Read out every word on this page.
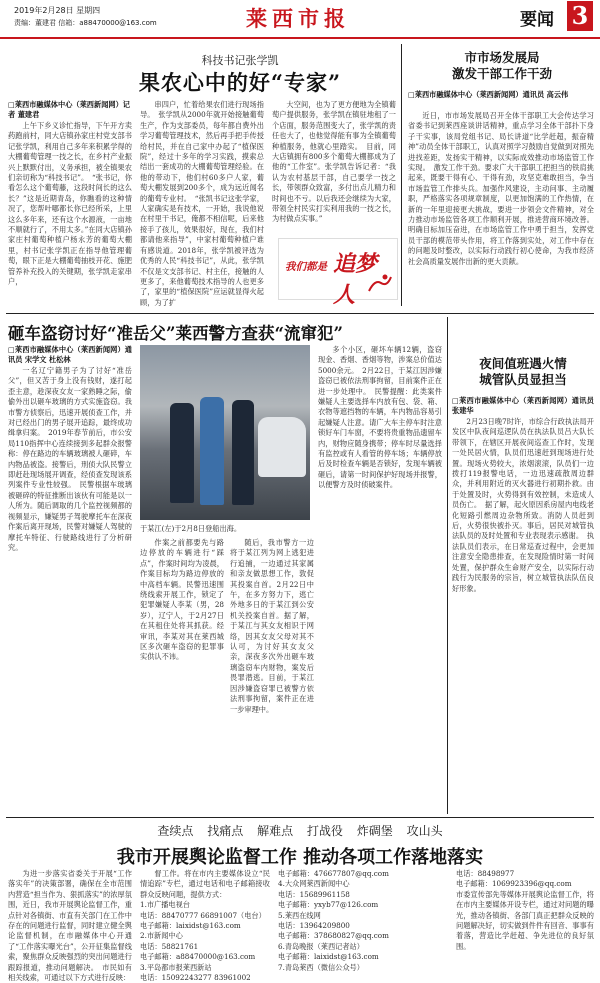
2019年2月28日 星期四
责编：董建君 信箱：a88470000@163.com	莱西市报	要闻 3
科技书记张学凯
果农心中的好“专家”
□莱西市融媒体中心（莱西新闻网）记者 董建君

上午下乡义诊忙指导，下午开方卖药跑前村，同大店镇孙家庄村党支部书记张学凯，利用自己多年来积累学得的大棚葡萄管理一技之长，在乡村产业振兴上默默付出，义务承担，被全镇果农们亲切称为“科技书记”。　“张书记，你看怎么这个葡萄藤，这段时间长的这么长？”这是近期青岛，你瞧看的这种情况了，您帮叶哪都长你已经所采，上里这么多年来，还有这个水源液，一亩地不顺就行了，不用太多。”在同大店镇孙家庄村葡萄种植户杨永芳的葡萄大棚里，村书记张学凯正在指导他管理葡萄，眼下正是大棚葡萄抽枝开花、施肥管养补充投入的关键期，张学凯走家串户，

串四户，忙着给果农们进行现场指导。　张学凯从2000年就开始接触葡萄生产，作为支部委员，每年都自费外出学习葡萄管理技术，然后再手把手传授给村民，并在自己家中办起了“植保医院”，经过十多年的学习实践，摸索总结出一套成功的大棚葡萄管理经验。在他的带动下，他们村60多户人家，葡萄大棚发展到200多个，成为远近闻名的葡萄专业村。　“张凯书记这张学家，人家确实是有技术，一开始，我说他说在村里干书记，俺都不相信呢，后来他接手了孩儿，效果很好，现在，我们村都请他来指导”，中家村葡萄种植户谁有感说道。2018年，张学凯被评选为优秀的人民“科技书记”，从此，张学凯不仅是文支部书记、村主任，接触的人更多了，来他葡萄技术指导的人也更多了，家里的“植保医院”应运就显得火起顾，为了扩

大空间，也为了更方便地为全镇葡萄户提供服务，张学凯在镇驻地租了一个店面，服务范围变大了，张学凯的责任也大了，也他觉得能有事为全镇葡萄种植服务，他就心里踏实。　目前，同大店镇拥有800多个葡萄大棚都成为了他的“工作室”。张学凯告诉记者：“我认为农村基层干部，自己要学一技之长，带领群众致富，多付出点儿精力和时间也不亏。以后我还会继续为大家，带领全村民实打实利用我的一技之长，为村做点实事。”

我们都是 追梦人
市市场发展局
激发干部工作干劲
□莱西市融媒体中心（莱西新闻网）通讯员 高云伟

近日，市市场发展局召开全体干部职工大会传达学习省委书记到莱西座谈讲话精神，重点学习全体干部扑下身子干实事，该局党组书记、局长讲道“比学赶超，振奋精神”动员全体干部职工，认真对照学习鼓励自觉做到对照先进找差距，发扬实干精神，以实际成效推动市场监管工作实现。　激发工作干劲。要求广大干部职工把担当的铁肩挑起来，既要干得有心、干得有劲，攻坚克难敢担当，争当市场监管工作排头兵。加强作风建设，主动问事、主动履职，严格落实各项规章制度，以更加饱满的工作热情，在新的一年里迎接更大挑战，要进一步领会文件精神，对全力推动市场监管各项工作顺利开展，推进营商环境改善。明确目标加压奋进，在市场监管工作中勇于担当，发挥党员干部的模范带头作用，将工作落到实处，对工作中存在的问题及时整改，以实际行动践行初心使命，为我市经济社会高质量发展作出新的更大贡献。

砸车盗窃讨好“准岳父”莱西警方查获“流窜犯”
□莱西市融媒体中心（莱西新闻网）通讯员 宋学文 杜松林

一名辽宁籍男子为了讨好“准岳父”，但又苦于身上没有钱财，遂打起歪主意，趁深夜女友一家熟睡之际，偷偷外出以砸车玻璃的方式实施盗窃。我市警方侦察后，迅速开展侦查工作，并对已经出门的男子展开追踪，最终成功缉拿归案。　2019年春节前后，市公安局110指挥中心连续接到多起群众报警称：停在路边的车辆玻璃被人砸碎，车内物品被盗。接警后，刑侦大队民警立即赶赴现场展开调查，经侦查发现该系列案件专业性较强。　民警根据车玻璃被砸碎的特征推断出该伙有可能是以一人所为。随后调取的几个监控视频都的视频显示，嫌疑男子驾驶摩托车在深夜作案后离开现场，民警对嫌疑人驾驶的摩托车特征、行驶路线进行了分析研究。

于某江(左)于2月8日登船出海。

作案之前都要先与路边停放的车辆进行“踩点”，作案时间均为凌晨，作案目标均为路边停放的中高档车辆。民警迅速围绕线索开展工作，锁定了犯罪嫌疑人李某（男，28岁），辽宁人，于2月27日在其租住处将其抓获。经审讯，李某对其在莱西城区多次砸车盗窃的犯罪事实供认不讳。

随后，我市警方一边将于某江列为网上逃犯进行追捕，一边通过其家属和亲友做思想工作，敦促其投案自首。2月22日中午，在多方努力下，逃亡外地多日的于某江到公安机关投案自首。据了解，于某江与其女友相识于网络，因其女友父母对其不认可，为讨好其女友父亲，深夜多次外出砸车玻璃盗窃车内财物，案发后畏罪潜逃。目前，于某江因涉嫌盗窃罪已被警方依法刑事拘留，案件正在进一步审理中。

多个小区，砸坏车辆12辆，盗窃现金、香烟、香烟等物，涉案总价值达5000余元。　2月22日，于某江因涉嫌盗窃已被依法刑事拘留，目前案件正在进一步处理中。　民警提醒：此类案件嫌疑人主要选择车内放有包、袋、箱、衣物等遮挡物的车辆，车内物品容易引起嫌疑人注意。请广大车主停车时注意锁好车门车窗，不要将贵重物品遗留车内，财物应随身携带；停车时尽量选择有监控或有人看管的停车场；车辆停放后及时检查车辆是否锁好，发现车辆被砸后，请第一时间保护好现场并报警，以便警方及时侦破案件。

夜间值班遇火情
城管队员显担当
□莱西市融媒体中心（莱西新闻网）通讯员 张建华

2月23日晚7时许，市综合行政执法局开发区中队夜间巡逻队员在执法队员吕大队长带领下，在辖区开展夜间巡查工作时，发现一处民居火情，队员们迅速赶到现场进行处置。现场火势较大，浓烟滚滚，队员们一边拨打119报警电话，一边迅速疏散周边群众，并利用附近的灭火器进行初期扑救。由于处置及时，火势得到有效控制，未造成人员伤亡。　据了解，起火原因系房屋内电线老化短路引燃周边杂物所致。消防人员赶到后，火势很快被扑灭。事后，居民对城管执法队员的及时处置和专业表现表示感谢。　执法队员们表示，在日常巡查过程中，会更加注意安全隐患排查，在发现险情时第一时间处置，保护群众生命财产安全，以实际行动践行为民服务的宗旨，树立城管执法队伍良好形象。

查续点 找痛点 解难点 打战役 炸碉堡 攻山头
我市开展舆论监督工作 推动各项工作落地落实

为进一步落实省委关于开展“工作落实年”的决策部署，确保在全市范围内营造“担当作为、狠抓落实”的浓厚氛围，近日，我市开展舆论监督工作，重点针对各镇街、市直有关部门在工作中存在的问题进行监督，同时建立健全舆论监督机制，在市融媒体中心开通了“工作落实曝光台”，公开征集监督线索，聚焦群众反映强烈的突出问题进行跟踪报道，推动问题解决。　市民如有相关线索，可通过以下方式进行反映：

督工作。将在市内主要媒体设立“民情追踪”专栏，通过电话和电子邮箱接收群众反映问题，提供方式：

1.市广播电视台
电话：88470777 66891007（电台）
电子邮箱：laixidst@163.com
2.市新闻中心
电话：58821761
电子邮箱：a88470000@163.com
3.平岛都市报莱西新站
电话：15092243277 83961002
电子邮箱：476677807@qq.com
4.大众网莱西新闻中心
电话：15689961158
电子邮箱：yxyb77@126.com
5.莱西在线网
电话：13964209800
电子邮箱：378680827@qq.com
6.青岛晚报（莱西记者站）
电子邮箱：laixidst@163.com
7.青岛莱西（微信公众号）
电话：88498977
电子邮箱：1069923396@qq.com
市委宣传部先等媒体开展舆论监督工作，将在市内主要媒体开设专栏，通过对问题的曝光，推动各镇街、各部门真正把群众反映的问题解决好，切实做到件件有回音、事事有着落，营造比学赶超、争先进位的良好氛围。
